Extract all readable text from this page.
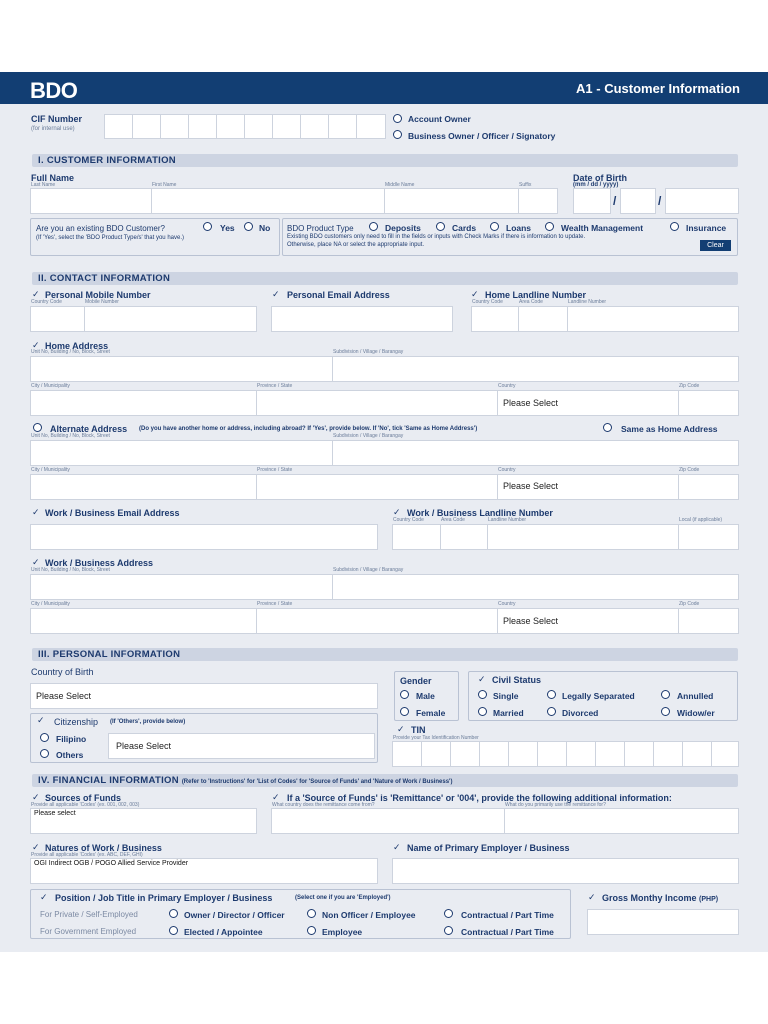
BDO	A1 - Customer Information
CIF Number
(for internal use)
Account Owner
Business Owner / Officer / Signatory
I. CUSTOMER INFORMATION
Full Name
Last Name	First Name	Middle Name	Suffix
Date of Birth
(mm / dd / yyyy)
/	/
Are you an existing BDO Customer?	Yes	No
(If 'Yes', select the 'BDO Product Type/s' that you have.)
BDO Product Type	Deposits	Cards	Loans	Wealth Management	Insurance
Existing BDO customers only need to fill in the fields or inputs with Check Marks if there is information to update.
Otherwise, place NA or select the appropriate input.	Clear
II. CONTACT INFORMATION
✓ Personal Mobile Number
Country Code	Mobile Number
✓ Personal Email Address	✓ Home Landline Number
Country Code	Area Code	Landline Number
✓ Home Address
Unit No, Building / No, Block, Street	Subdivision / Village / Barangay
City / Municipality	Province / State	Country	Zip Code
Please Select
Alternate Address (Do you have another home or address, including abroad? If 'Yes', provide below. If 'No', tick 'Same as Home Address')	Same as Home Address
Unit No, Building / No, Block, Street	Subdivision / Village / Barangay
City / Municipality	Province / State	Country	Zip Code
Please Select
✓ Work / Business Email Address	✓ Work / Business Landline Number
Country Code	Area Code	Landline Number	Local (if applicable)
✓ Work / Business Address
Unit No, Building / No, Block, Street	Subdivision / Village / Barangay
City / Municipality	Province / State	Country	Zip Code
Please Select
III. PERSONAL INFORMATION
Country of Birth
Please Select
Gender
Male
Female
✓ Civil Status
Single
Married
Legally Separated
Divorced
Annulled
Widow/er
✓ Citizenship (If 'Others', provide below)
Filipino
Others
Please Select
✓ TIN
Provide your Tax Identification Number
IV. FINANCIAL INFORMATION (Refer to 'Instructions' for 'List of Codes' for 'Source of Funds' and 'Nature of Work / Business')
✓ Sources of Funds
Provide all applicable 'Codes' (ex. 001, 002, 003)
Please select
✓ If a 'Source of Funds' is 'Remittance' or '004', provide the following additional information:
What country does the remittance come from?	What do you primarily use the remittance for?
✓ Natures of Work / Business
Provide all applicable 'Codes' (ex. ABC, DEF, GHI)
OGI Indirect OGB / POGO Allied Service Provider
✓ Name of Primary Employer / Business
✓ Position / Job Title in Primary Employer / Business	(Select one if you are 'Employed')
For Private / Self-Employed
For Government Employed
Owner / Director / Officer	Non Officer / Employee	Contractual / Part Time
Elected / Appointee	Employee	Contractual / Part Time
✓ Gross Monthy Income (PHP)
